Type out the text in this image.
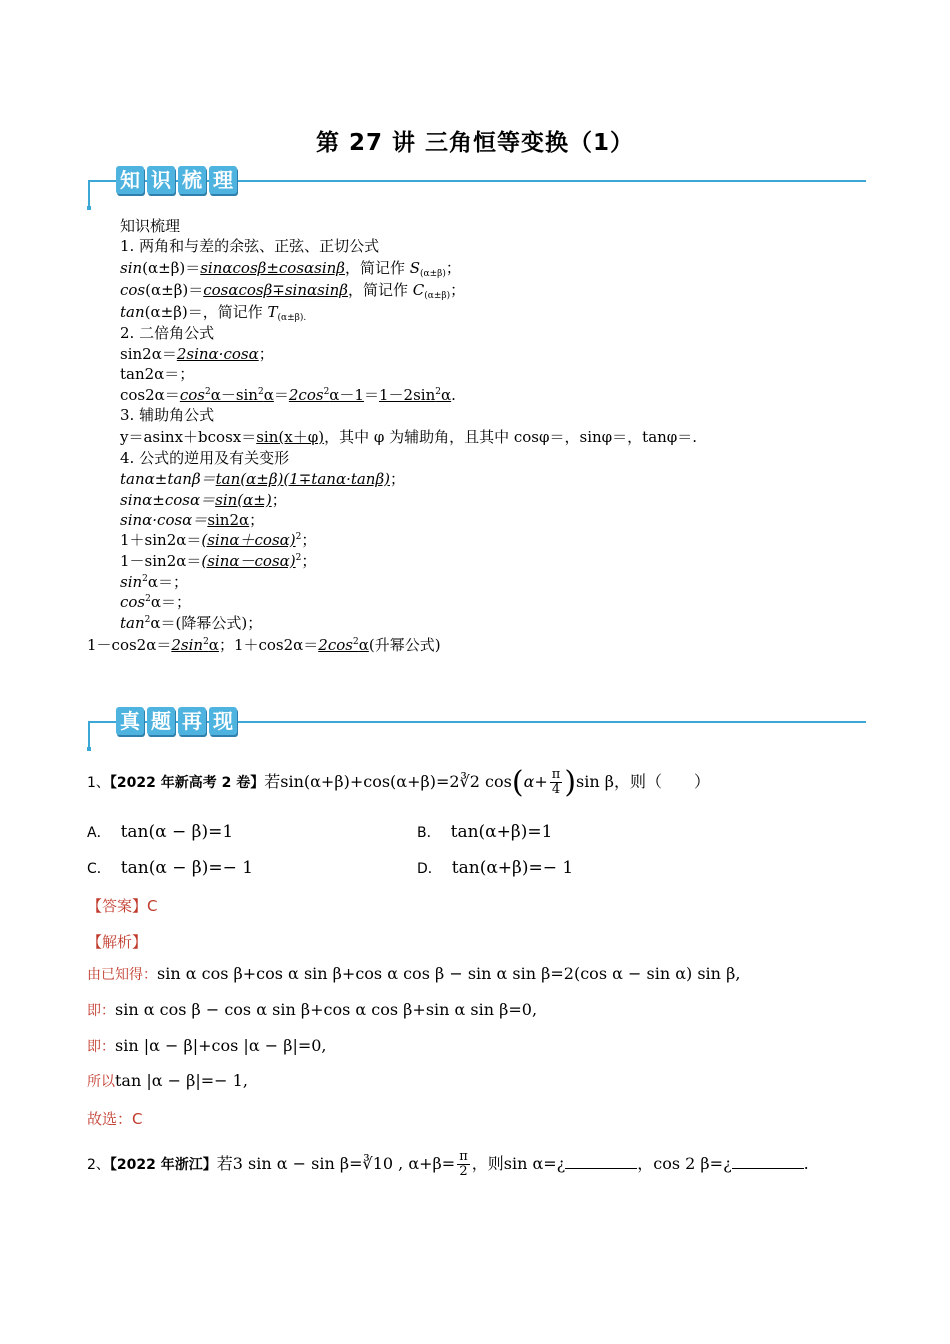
第 27 讲 三角恒等变换（1）
知 识 梳 理
知识梳理
1. 两角和与差的余弦、正弦、正切公式
sin(α±β)＝sinαcosβ±cosαsinβ，简记作 $S_{(\alpha\pm\beta)}$；
cos(α±β)＝cosαcosβ∓sinαsinβ，简记作 $C_{(\alpha\pm\beta)}$；
tan(α±β)＝，简记作 $T_{(\alpha\pm\beta).}$
2. 二倍角公式
sin2α＝2sinα·cosα；
tan2α＝；
$\cos 2\alpha=\cos^2\alpha-\sin^2\alpha=2\cos^2\alpha-1=1-2\sin^2\alpha$.
3. 辅助角公式
y＝asinx＋bcosx＝sin(x＋φ)，其中 φ 为辅助角，且其中 cosφ＝，sinφ＝，tanφ＝.
4. 公式的逆用及有关变形
tanα±tanβ＝tan(α±β)(1∓tanα·tanβ)；
sinα±cosα＝sin(α±)；
sinα·cosα＝sin2α；
$1+\sin 2\alpha=(\sin\alpha+\cos\alpha)^2$；
$1-\sin 2\alpha=(\sin\alpha-\cos\alpha)^2$；
$\sin^2\alpha=$；
$\cos^2\alpha=$；
$\tan^2\alpha=$(降幂公式)；
$1-\cos 2\alpha=2\sin^2\alpha$；$1+\cos 2\alpha=2\cos^2\alpha$(升幂公式)
真 题 再 现
1、【2022 年新高考 2 卷】若sin(α+β)+cos(α+β)=2∛2 $\cos(\alpha+ \frac{\pi}{4} )\sin$ β，则（　　）
A． tan(α − β)=1	B． tan(α+β)=1
C． tan(α − β)=− 1	D． tan(α+β)=− 1
【答案】C
【解析】
由已知得：sin α cos β+cos α sin β+cos α cos β − sin α sin β=2(cos α − sin α) sin β,
即：sin α cos β − cos α sin β+cos α cos β+sin α sin β=0,
即：sin |α − β|+cos |α − β|=0,
所以tan |α − β|=− 1,
故选：C
2、【2022 年浙江】若3 sin α − sin β=∛10 , $\alpha+\beta= \frac{\pi}{2}$ ，则sin α=¿	，cos 2 β=¿	.
